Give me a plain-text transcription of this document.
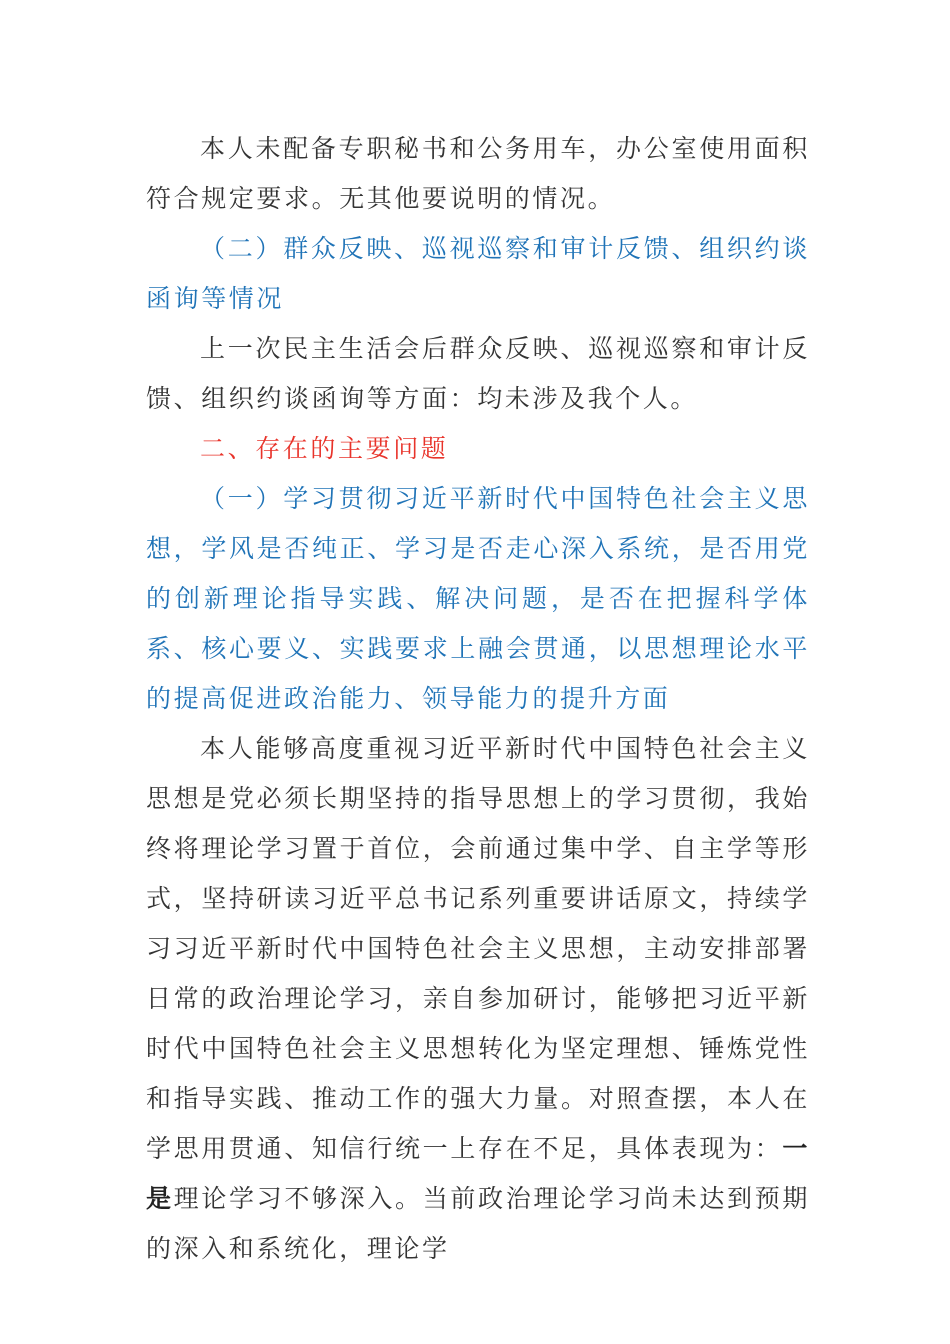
本人未配备专职秘书和公务用车，办公室使用面积符合规定要求。无其他要说明的情况。

（二）群众反映、巡视巡察和审计反馈、组织约谈函询等情况

上一次民主生活会后群众反映、巡视巡察和审计反馈、组织约谈函询等方面：均未涉及我个人。

二、存在的主要问题

（一）学习贯彻习近平新时代中国特色社会主义思想，学风是否纯正、学习是否走心深入系统，是否用党的创新理论指导实践、解决问题，是否在把握科学体系、核心要义、实践要求上融会贯通，以思想理论水平的提高促进政治能力、领导能力的提升方面

本人能够高度重视习近平新时代中国特色社会主义思想是党必须长期坚持的指导思想上的学习贯彻，我始终将理论学习置于首位，会前通过集中学、自主学等形式，坚持研读习近平总书记系列重要讲话原文，持续学习习近平新时代中国特色社会主义思想，主动安排部署日常的政治理论学习，亲自参加研讨，能够把习近平新时代中国特色社会主义思想转化为坚定理想、锤炼党性和指导实践、推动工作的强大力量。对照查摆，本人在学思用贯通、知信行统一上存在不足，具体表现为：一是理论学习不够深入。当前政治理论学习尚未达到预期的深入和系统化，理论学
